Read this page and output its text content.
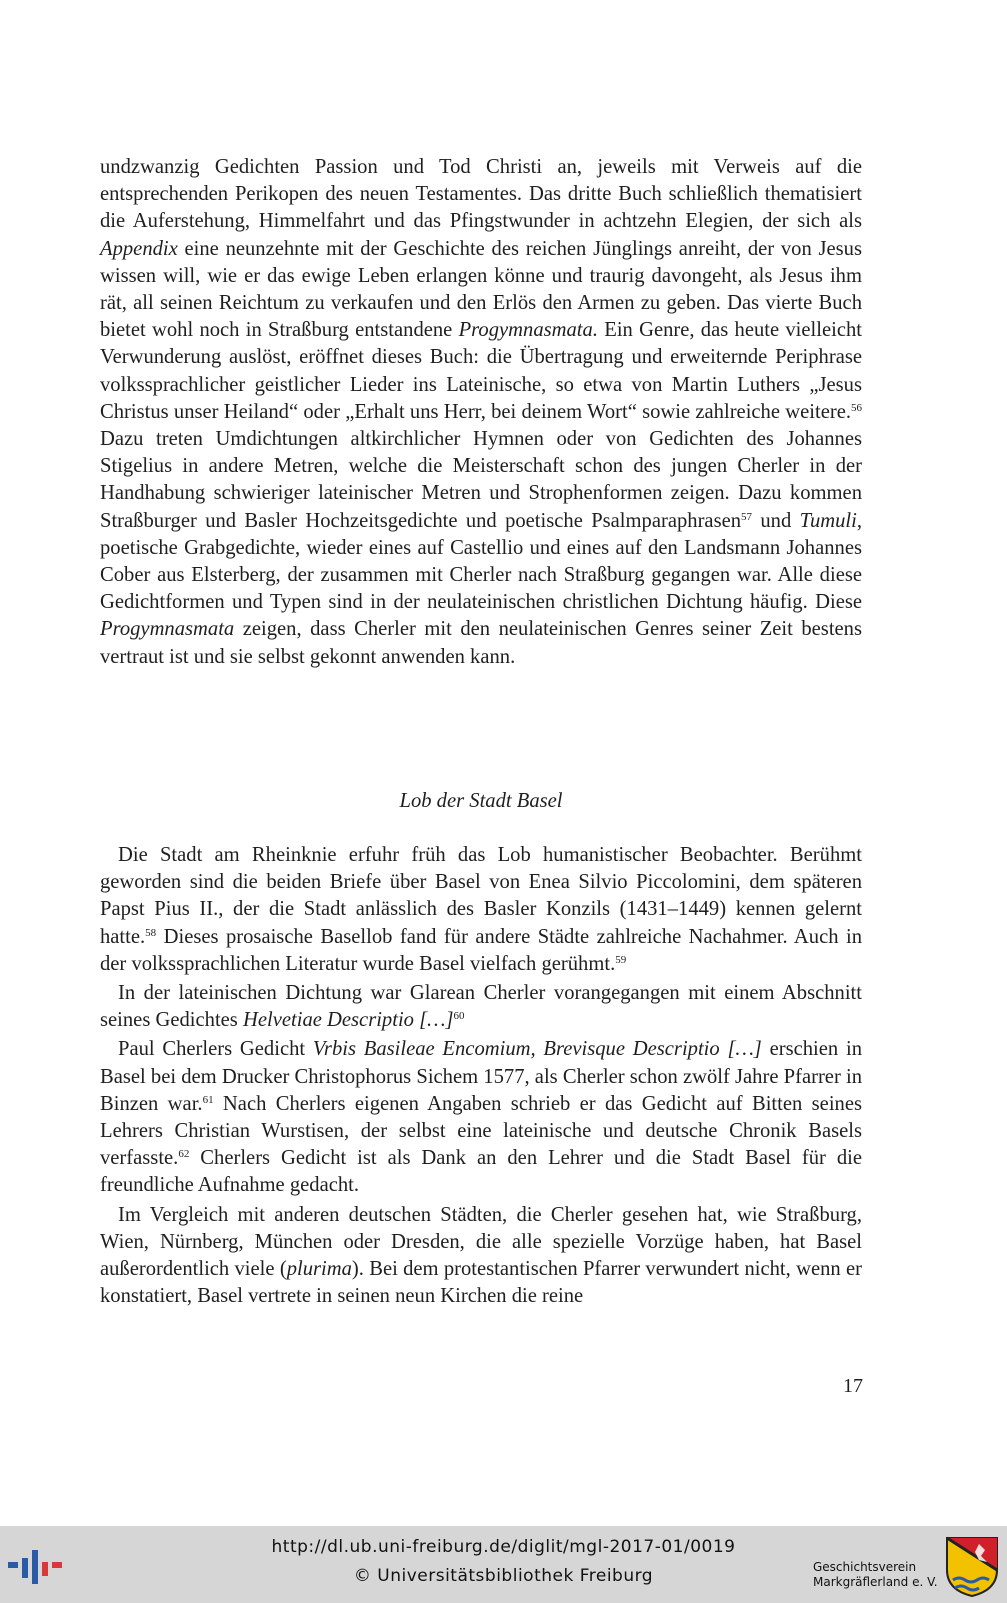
undzwanzig Gedichten Passion und Tod Christi an, jeweils mit Verweis auf die entsprechenden Perikopen des neuen Testamentes. Das dritte Buch schließlich thematisiert die Auferstehung, Himmelfahrt und das Pfingstwunder in achtzehn Elegien, der sich als Appendix eine neunzehnte mit der Geschichte des reichen Jünglings anreiht, der von Jesus wissen will, wie er das ewige Leben erlangen könne und traurig davongeht, als Jesus ihm rät, all seinen Reichtum zu verkaufen und den Erlös den Armen zu geben. Das vierte Buch bietet wohl noch in Straßburg entstandene Progymnasmata. Ein Genre, das heute vielleicht Verwunderung auslöst, eröffnet dieses Buch: die Übertragung und erweiternde Periphrase volkssprachlicher geistlicher Lieder ins Lateinische, so etwa von Martin Luthers „Jesus Christus unser Heiland“ oder „Erhalt uns Herr, bei deinem Wort“ sowie zahlreiche weitere.$^{56}$ Dazu treten Umdichtungen altkirchlicher Hymnen oder von Gedichten des Johannes Stigelius in andere Metren, welche die Meisterschaft schon des jungen Cherler in der Handhabung schwieriger lateinischer Metren und Strophenformen zeigen. Dazu kommen Straßburger und Basler Hochzeitsgedichte und poetische Psalmparaphrasen$^{57}$ und Tumuli, poetische Grabgedichte, wieder eines auf Castellio und eines auf den Landsmann Johannes Cober aus Elsterberg, der zusammen mit Cherler nach Straßburg gegangen war. Alle diese Gedichtformen und Typen sind in der neulateinischen christlichen Dichtung häufig. Diese Progymnasmata zeigen, dass Cherler mit den neulateinischen Genres seiner Zeit bestens vertraut ist und sie selbst gekonnt anwenden kann.

Lob der Stadt Basel

Die Stadt am Rheinknie erfuhr früh das Lob humanistischer Beobachter. Berühmt geworden sind die beiden Briefe über Basel von Enea Silvio Piccolomini, dem späteren Papst Pius II., der die Stadt anlässlich des Basler Konzils (1431–1449) kennen gelernt hatte.$^{58}$ Dieses prosaische Basellob fand für andere Städte zahlreiche Nachahmer. Auch in der volkssprachlichen Literatur wurde Basel vielfach gerühmt.$^{59}$

In der lateinischen Dichtung war Glarean Cherler vorangegangen mit einem Abschnitt seines Gedichtes Helvetiae Descriptio […]$^{60}$

Paul Cherlers Gedicht Vrbis Basileae Encomium, Brevisque Descriptio […] erschien in Basel bei dem Drucker Christophorus Sichem 1577, als Cherler schon zwölf Jahre Pfarrer in Binzen war.$^{61}$ Nach Cherlers eigenen Angaben schrieb er das Gedicht auf Bitten seines Lehrers Christian Wurstisen, der selbst eine lateinische und deutsche Chronik Basels verfasste.$^{62}$ Cherlers Gedicht ist als Dank an den Lehrer und die Stadt Basel für die freundliche Aufnahme gedacht.

Im Vergleich mit anderen deutschen Städten, die Cherler gesehen hat, wie Straßburg, Wien, Nürnberg, München oder Dresden, die alle spezielle Vorzüge haben, hat Basel außerordentlich viele (plurima). Bei dem protestantischen Pfarrer verwundert nicht, wenn er konstatiert, Basel vertrete in seinen neun Kirchen die reine

17
http://dl.ub.uni-freiburg.de/diglit/mgl-2017-01/0019
© Universitätsbibliothek Freiburg	Geschichtsverein
Markgräflerland e. V.
